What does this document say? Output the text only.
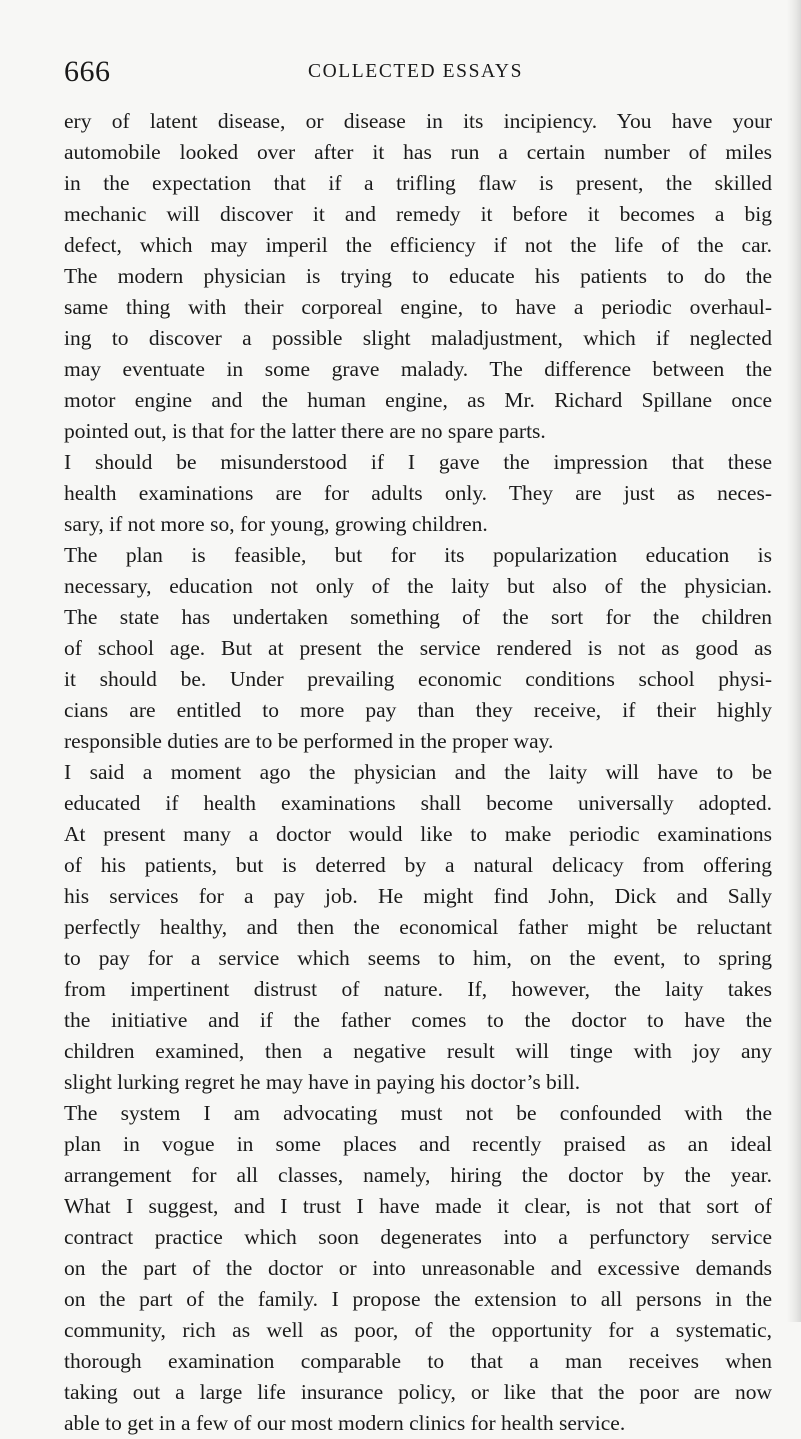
666	COLLECTED ESSAYS
ery of latent disease, or disease in its incipiency. You have your
automobile looked over after it has run a certain number of miles
in the expectation that if a trifling flaw is present, the skilled
mechanic will discover it and remedy it before it becomes a big
defect, which may imperil the efficiency if not the life of the car.
The modern physician is trying to educate his patients to do the
same thing with their corporeal engine, to have a periodic overhaul-
ing to discover a possible slight maladjustment, which if neglected
may eventuate in some grave malady. The difference between the
motor engine and the human engine, as Mr. Richard Spillane once
pointed out, is that for the latter there are no spare parts.
I should be misunderstood if I gave the impression that these
health examinations are for adults only. They are just as neces-
sary, if not more so, for young, growing children.
The plan is feasible, but for its popularization education is
necessary, education not only of the laity but also of the physician.
The state has undertaken something of the sort for the children
of school age. But at present the service rendered is not as good as
it should be. Under prevailing economic conditions school physi-
cians are entitled to more pay than they receive, if their highly
responsible duties are to be performed in the proper way.
I said a moment ago the physician and the laity will have to be
educated if health examinations shall become universally adopted.
At present many a doctor would like to make periodic examinations
of his patients, but is deterred by a natural delicacy from offering
his services for a pay job. He might find John, Dick and Sally
perfectly healthy, and then the economical father might be reluctant
to pay for a service which seems to him, on the event, to spring
from impertinent distrust of nature. If, however, the laity takes
the initiative and if the father comes to the doctor to have the
children examined, then a negative result will tinge with joy any
slight lurking regret he may have in paying his doctor’s bill.
The system I am advocating must not be confounded with the
plan in vogue in some places and recently praised as an ideal
arrangement for all classes, namely, hiring the doctor by the year.
What I suggest, and I trust I have made it clear, is not that sort of
contract practice which soon degenerates into a perfunctory service
on the part of the doctor or into unreasonable and excessive demands
on the part of the family. I propose the extension to all persons in the
community, rich as well as poor, of the opportunity for a systematic,
thorough examination comparable to that a man receives when
taking out a large life insurance policy, or like that the poor are now
able to get in a few of our most modern clinics for health service.
